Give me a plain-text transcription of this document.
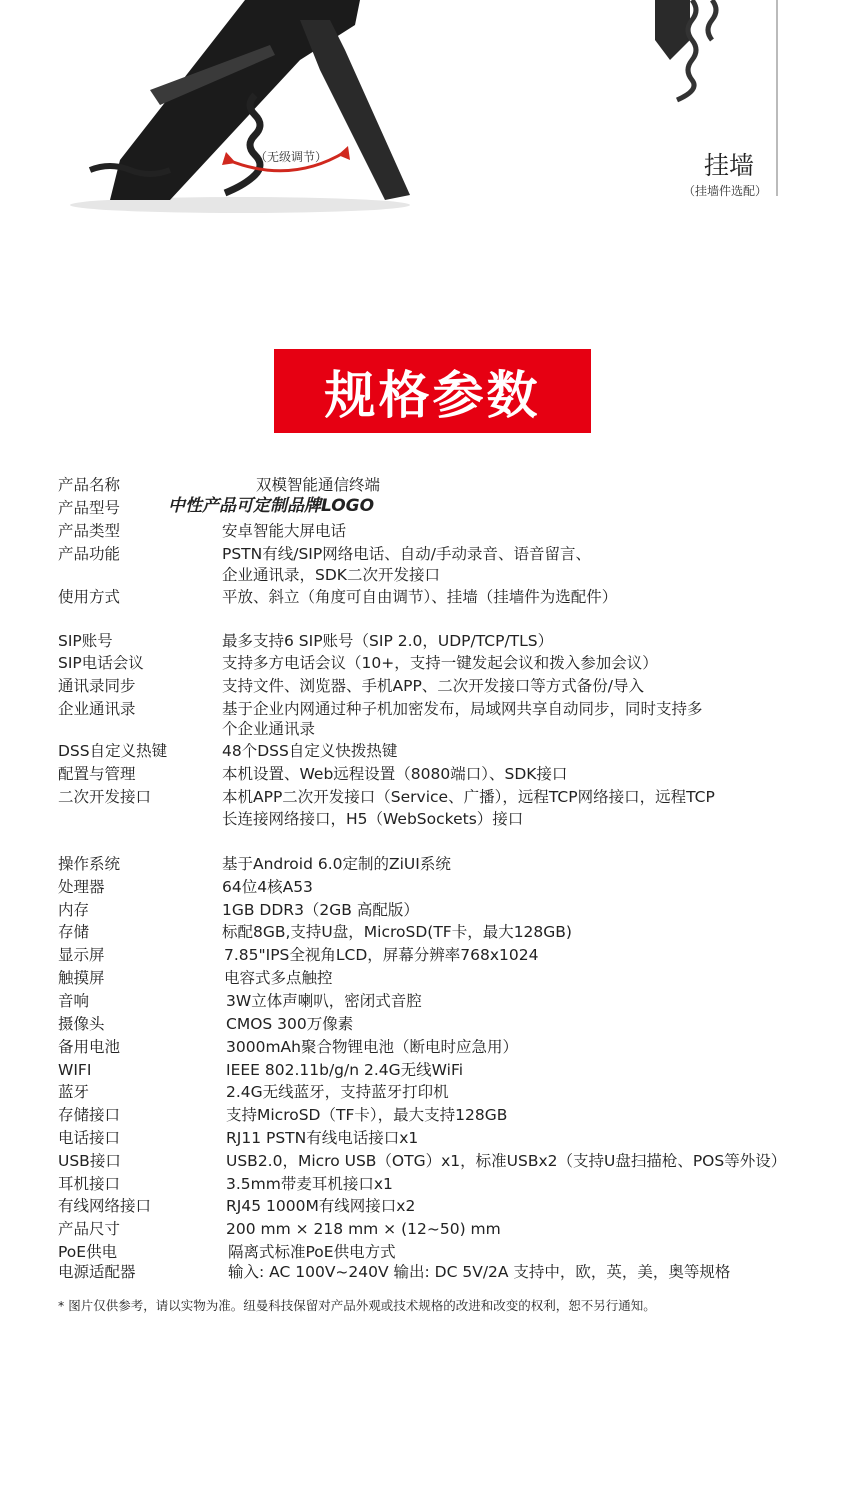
（无级调节）	挂墙
（挂墙件选配）
规格参数
产品名称	双模智能通信终端
产品型号	中性产品可定制品牌LOGO
产品类型	安卓智能大屏电话
产品功能	PSTN有线/SIP网络电话、自动/手动录音、语音留言、
企业通讯录，SDK二次开发接口
使用方式	平放、斜立（角度可自由调节）、挂墙（挂墙件为选配件）
SIP账号	最多支持6 SIP账号（SIP 2.0，UDP/TCP/TLS）
SIP电话会议	支持多方电话会议（10+，支持一键发起会议和拨入参加会议）
通讯录同步	支持文件、浏览器、手机APP、二次开发接口等方式备份/导入
企业通讯录	基于企业内网通过种子机加密发布，局域网共享自动同步，同时支持多
个企业通讯录
DSS自定义热键	48个DSS自定义快拨热键
配置与管理	本机设置、Web远程设置（8080端口）、SDK接口
二次开发接口	本机APP二次开发接口（Service、广播），远程TCP网络接口，远程TCP
长连接网络接口，H5（WebSockets）接口
操作系统	基于Android 6.0定制的ZiUI系统
处理器	64位4核A53
内存	1GB DDR3（2GB 高配版）
存储	标配8GB,支持U盘，MicroSD(TF卡，最大128GB)
显示屏	7.85"IPS全视角LCD，屏幕分辨率768x1024
触摸屏	电容式多点触控
音响	3W立体声喇叭，密闭式音腔
摄像头	CMOS 300万像素
备用电池	3000mAh聚合物锂电池（断电时应急用）
WIFI	IEEE 802.11b/g/n 2.4G无线WiFi
蓝牙	2.4G无线蓝牙，支持蓝牙打印机
存储接口	支持MicroSD（TF卡），最大支持128GB
电话接口	RJ11 PSTN有线电话接口x1
USB接口	USB2.0，Micro USB（OTG）x1，标准USBx2（支持U盘扫描枪、POS等外设）
耳机接口	3.5mm带麦耳机接口x1
有线网络接口	RJ45 1000M有线网接口x2
产品尺寸	200 mm × 218 mm × (12~50) mm
PoE供电	隔离式标准PoE供电方式
电源适配器	输入: AC 100V~240V 输出: DC 5V/2A 支持中，欧，英，美，奥等规格
* 图片仅供参考，请以实物为准。纽曼科技保留对产品外观或技术规格的改进和改变的权利，恕不另行通知。
